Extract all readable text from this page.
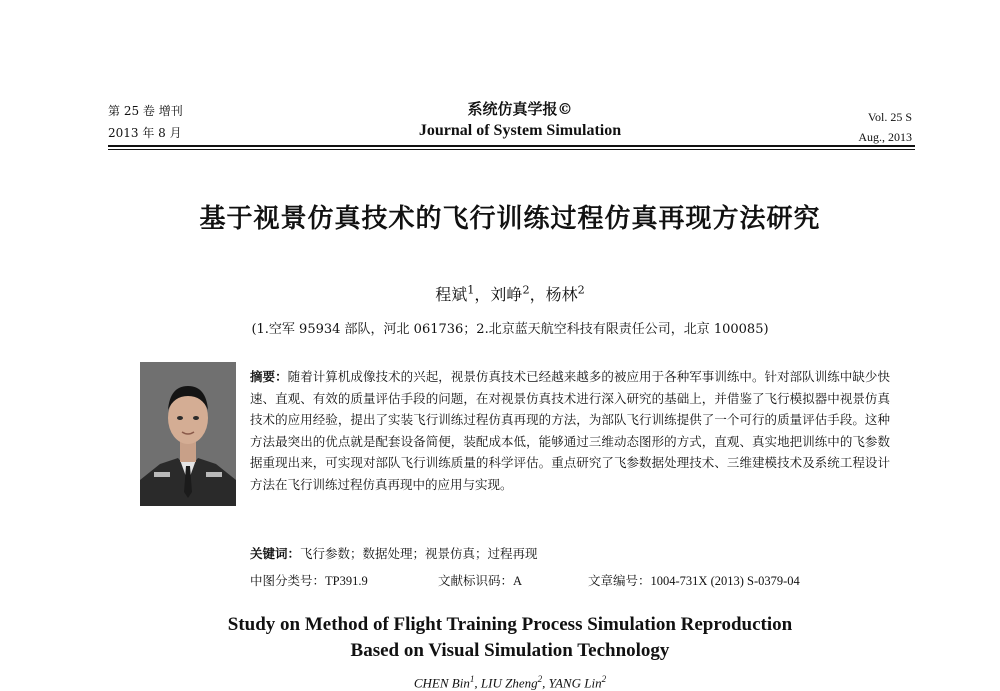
第 25 卷 增刊
2013 年 8 月
系统仿真学报©
Journal of System Simulation
Vol. 25 S
Aug., 2013
基于视景仿真技术的飞行训练过程仿真再现方法研究
程斌$^1$，刘峥$^2$，杨林$^2$
(1.空军 95934 部队，河北 061736；2.北京蓝天航空科技有限责任公司，北京 100085)
摘要：随着计算机成像技术的兴起，视景仿真技术已经越来越多的被应用于各种军事训练中。针对部队训练中缺少快速、直观、有效的质量评估手段的问题，在对视景仿真技术进行深入研究的基础上，并借鉴了飞行模拟器中视景仿真技术的应用经验，提出了实装飞行训练过程仿真再现的方法，为部队飞行训练提供了一个可行的质量评估手段。这种方法最突出的优点就是配套设备简便，装配成本低，能够通过三维动态图形的方式，直观、真实地把训练中的飞参数据重现出来，可实现对部队飞行训练质量的科学评估。重点研究了飞参数据处理技术、三维建模技术及系统工程设计方法在飞行训练过程仿真再现中的应用与实现。
关键词：飞行参数；数据处理；视景仿真；过程再现
中图分类号：TP391.9	文献标识码：A	文章编号：1004-731X (2013) S-0379-04
Study on Method of Flight Training Process Simulation Reproduction
Based on Visual Simulation Technology
CHEN Bin$^1$, LIU Zheng$^2$, YANG Lin$^2$
